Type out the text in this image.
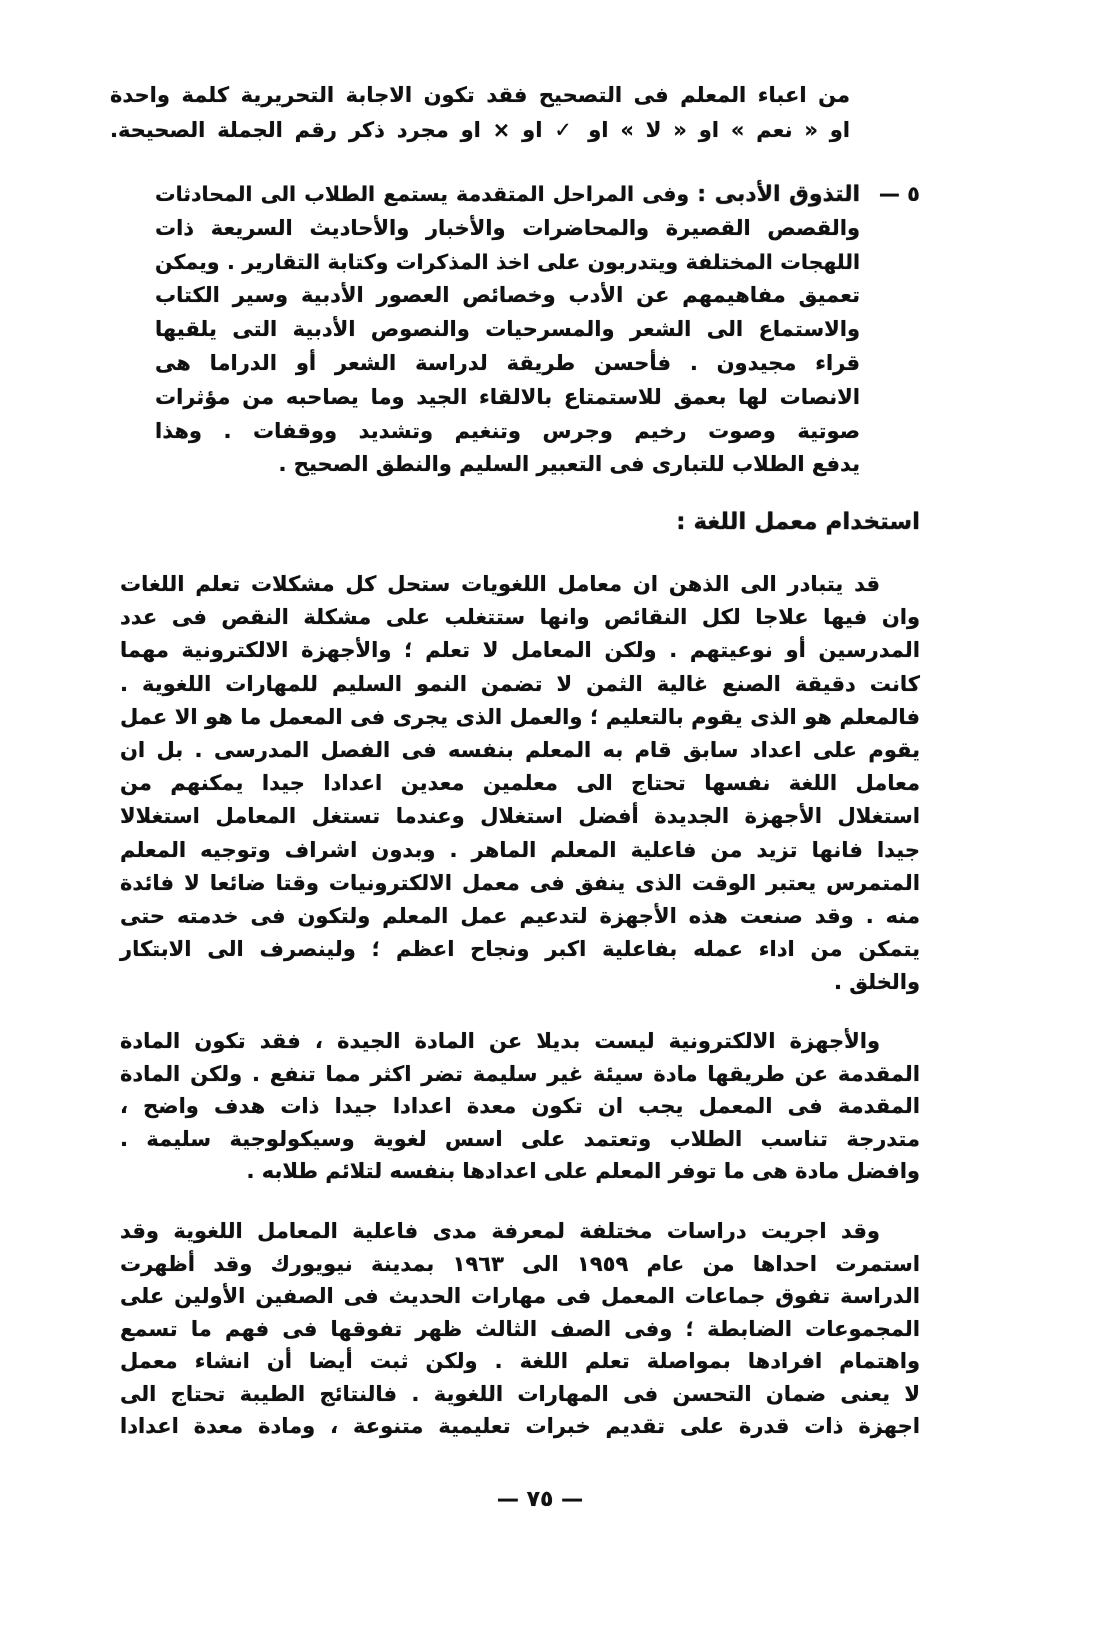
من اعباء المعلم فى التصحيح فقد تكون الاجابة التحريرية كلمة واحدة
او « نعم » او « لا » او ✓ او × او مجرد ذكر رقم الجملة الصحيحة.
٥ —
التذوق الأدبى : وفى المراحل المتقدمة يستمع الطلاب الى المحادثات
والقصص القصيرة والمحاضرات والأخبار والأحاديث السريعة ذات
اللهجات المختلفة ويتدربون على اخذ المذكرات وكتابة التقارير . ويمكن
تعميق مفاهيمهم عن الأدب وخصائص العصور الأدبية وسير الكتاب
والاستماع الى الشعر والمسرحيات والنصوص الأدبية التى يلقيها
قراء مجيدون . فأحسن طريقة لدراسة الشعر أو الدراما هى
الانصات لها بعمق للاستمتاع بالالقاء الجيد وما يصاحبه من مؤثرات
صوتية وصوت رخيم وجرس وتنغيم وتشديد ووقفات . وهذا
يدفع الطلاب للتبارى فى التعبير السليم والنطق الصحيح .
استخدام معمل اللغة :
قد يتبادر الى الذهن ان معامل اللغويات ستحل كل مشكلات تعلم اللغات
وان فيها علاجا لكل النقائص وانها ستتغلب على مشكلة النقص فى عدد
المدرسين أو نوعيتهم . ولكن المعامل لا تعلم ؛ والأجهزة الالكترونية مهما
كانت دقيقة الصنع غالية الثمن لا تضمن النمو السليم للمهارات اللغوية .
فالمعلم هو الذى يقوم بالتعليم ؛ والعمل الذى يجرى فى المعمل ما هو الا عمل
يقوم على اعداد سابق قام به المعلم بنفسه فى الفصل المدرسى . بل ان
معامل اللغة نفسها تحتاج الى معلمين معدين اعدادا جيدا يمكنهم من
استغلال الأجهزة الجديدة أفضل استغلال وعندما تستغل المعامل استغلالا
جيدا فانها تزيد من فاعلية المعلم الماهر . وبدون اشراف وتوجيه المعلم
المتمرس يعتبر الوقت الذى ينفق فى معمل الالكترونيات وقتا ضائعا لا فائدة
منه . وقد صنعت هذه الأجهزة لتدعيم عمل المعلم ولتكون فى خدمته حتى
يتمكن من اداء عمله بفاعلية اكبر ونجاح اعظم ؛ ولينصرف الى الابتكار
والخلق .
والأجهزة الالكترونية ليست بديلا عن المادة الجيدة ، فقد تكون المادة
المقدمة عن طريقها مادة سيئة غير سليمة تضر اكثر مما تنفع . ولكن المادة
المقدمة فى المعمل يجب ان تكون معدة اعدادا جيدا ذات هدف واضح ،
متدرجة تناسب الطلاب وتعتمد على اسس لغوية وسيكولوجية سليمة .
وافضل مادة هى ما توفر المعلم على اعدادها بنفسه لتلائم طلابه .
وقد اجريت دراسات مختلفة لمعرفة مدى فاعلية المعامل اللغوية وقد
استمرت احداها من عام ١٩٥٩ الى ١٩٦٣ بمدينة نيويورك وقد أظهرت
الدراسة تفوق جماعات المعمل فى مهارات الحديث فى الصفين الأولين على
المجموعات الضابطة ؛ وفى الصف الثالث ظهر تفوقها فى فهم ما تسمع
واهتمام افرادها بمواصلة تعلم اللغة . ولكن ثبت أيضا أن انشاء معمل
لا يعنى ضمان التحسن فى المهارات اللغوية . فالنتائج الطيبة تحتاج الى
اجهزة ذات قدرة على تقديم خبرات تعليمية متنوعة ، ومادة معدة اعدادا
— ٧٥ —
